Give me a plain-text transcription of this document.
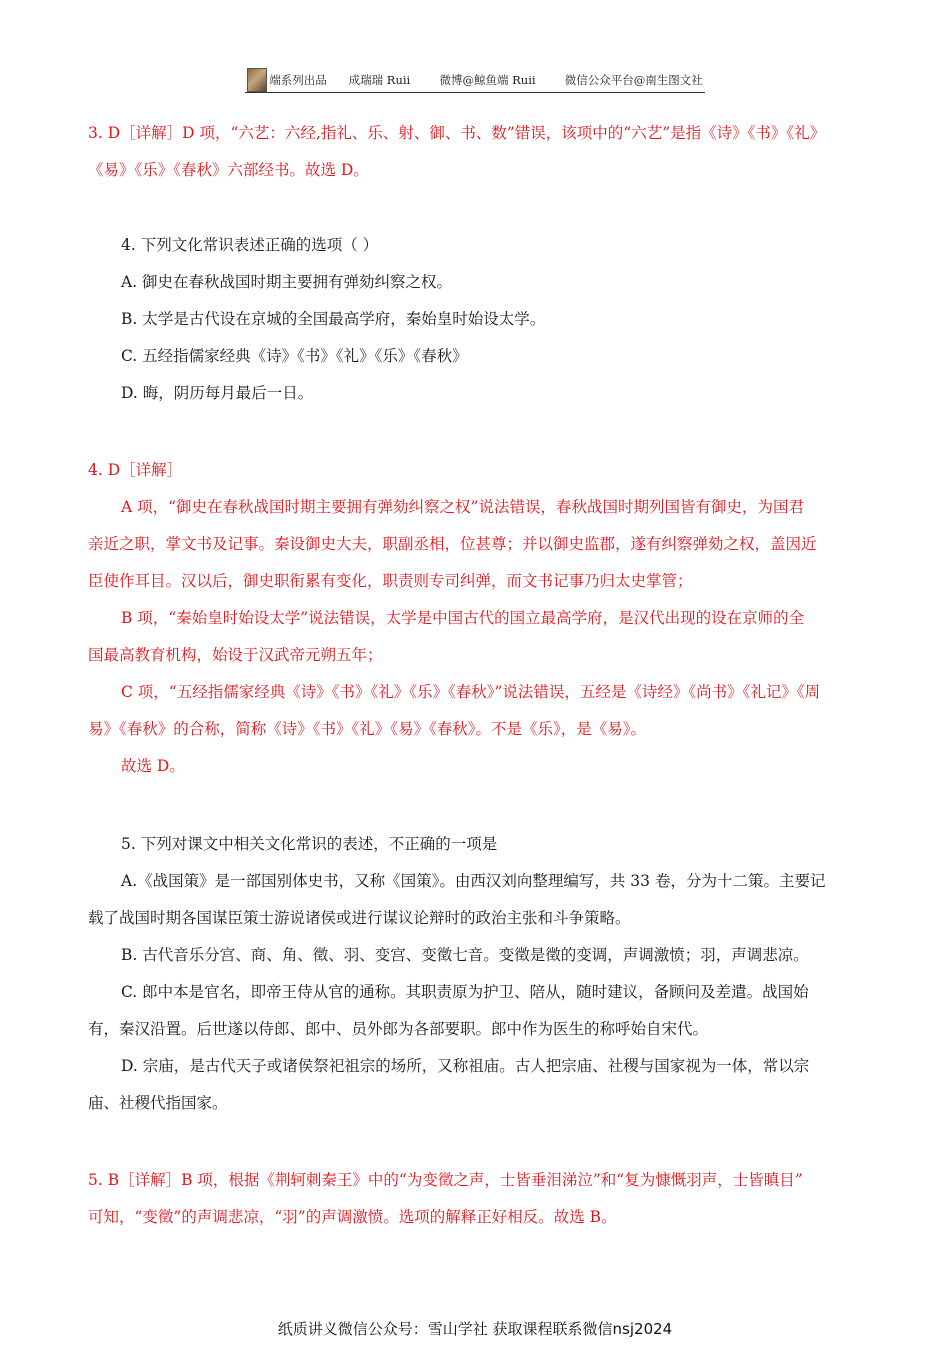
端系列出品
成瑞瑞 Ruii
	微博@鲸鱼端 Ruii
	微信公众平台@南生图文社

3. D［详解］D 项，“六艺：六经,指礼、乐、射、御、书、数”错误，该项中的“六艺”是指《诗》《书》《礼》

《易》《乐》《春秋》六部经书。故选 D。

4. 下列文化常识表述正确的选项（ ）

A. 御史在春秋战国时期主要拥有弹劾纠察之权。

B. 太学是古代设在京城的全国最高学府，秦始皇时始设太学。

C. 五经指儒家经典《诗》《书》《礼》《乐》《春秋》

D. 晦，阴历每月最后一日。

4. D［详解］

A 项，“御史在春秋战国时期主要拥有弹劾纠察之权”说法错误，春秋战国时期列国皆有御史，为国君

亲近之职，掌文书及记事。秦设御史大夫，职副丞相，位甚尊；并以御史监郡，遂有纠察弹劾之权，盖因近

臣使作耳目。汉以后，御史职衔累有变化，职责则专司纠弹，而文书记事乃归太史掌管；

B 项，“秦始皇时始设太学”说法错误，太学是中国古代的国立最高学府，是汉代出现的设在京师的全

国最高教育机构，始设于汉武帝元朔五年；

C 项，“五经指儒家经典《诗》《书》《礼》《乐》《春秋》”说法错误，五经是《诗经》《尚书》《礼记》《周

易》《春秋》的合称，简称《诗》《书》《礼》《易》《春秋》。不是《乐》，是《易》。

故选 D。

5. 下列对课文中相关文化常识的表述，不正确的一项是

A.《战国策》是一部国别体史书，又称《国策》。由西汉刘向整理编写，共 33 卷，分为十二策。主要记

载了战国时期各国谋臣策士游说诸侯或进行谋议论辩时的政治主张和斗争策略。

B. 古代音乐分宫、商、角、徵、羽、变宫、变徵七音。变徵是徵的变调，声调激愤；羽，声调悲凉。

C. 郎中本是官名，即帝王侍从官的通称。其职责原为护卫、陪从，随时建议，备顾问及差遣。战国始

有，秦汉沿置。后世遂以侍郎、郎中、员外郎为各部要职。郎中作为医生的称呼始自宋代。

D. 宗庙，是古代天子或诸侯祭祀祖宗的场所，又称祖庙。古人把宗庙、社稷与国家视为一体，常以宗

庙、社稷代指国家。

5. B［详解］B 项，根据《荆轲刺秦王》中的“为变徵之声，士皆垂泪涕泣”和“复为慷慨羽声，士皆瞋目”

可知，“变徵”的声调悲凉，“羽”的声调激愤。选项的解释正好相反。故选 B。

纸质讲义微信公众号：雪山学社 获取课程联系微信nsj2024
